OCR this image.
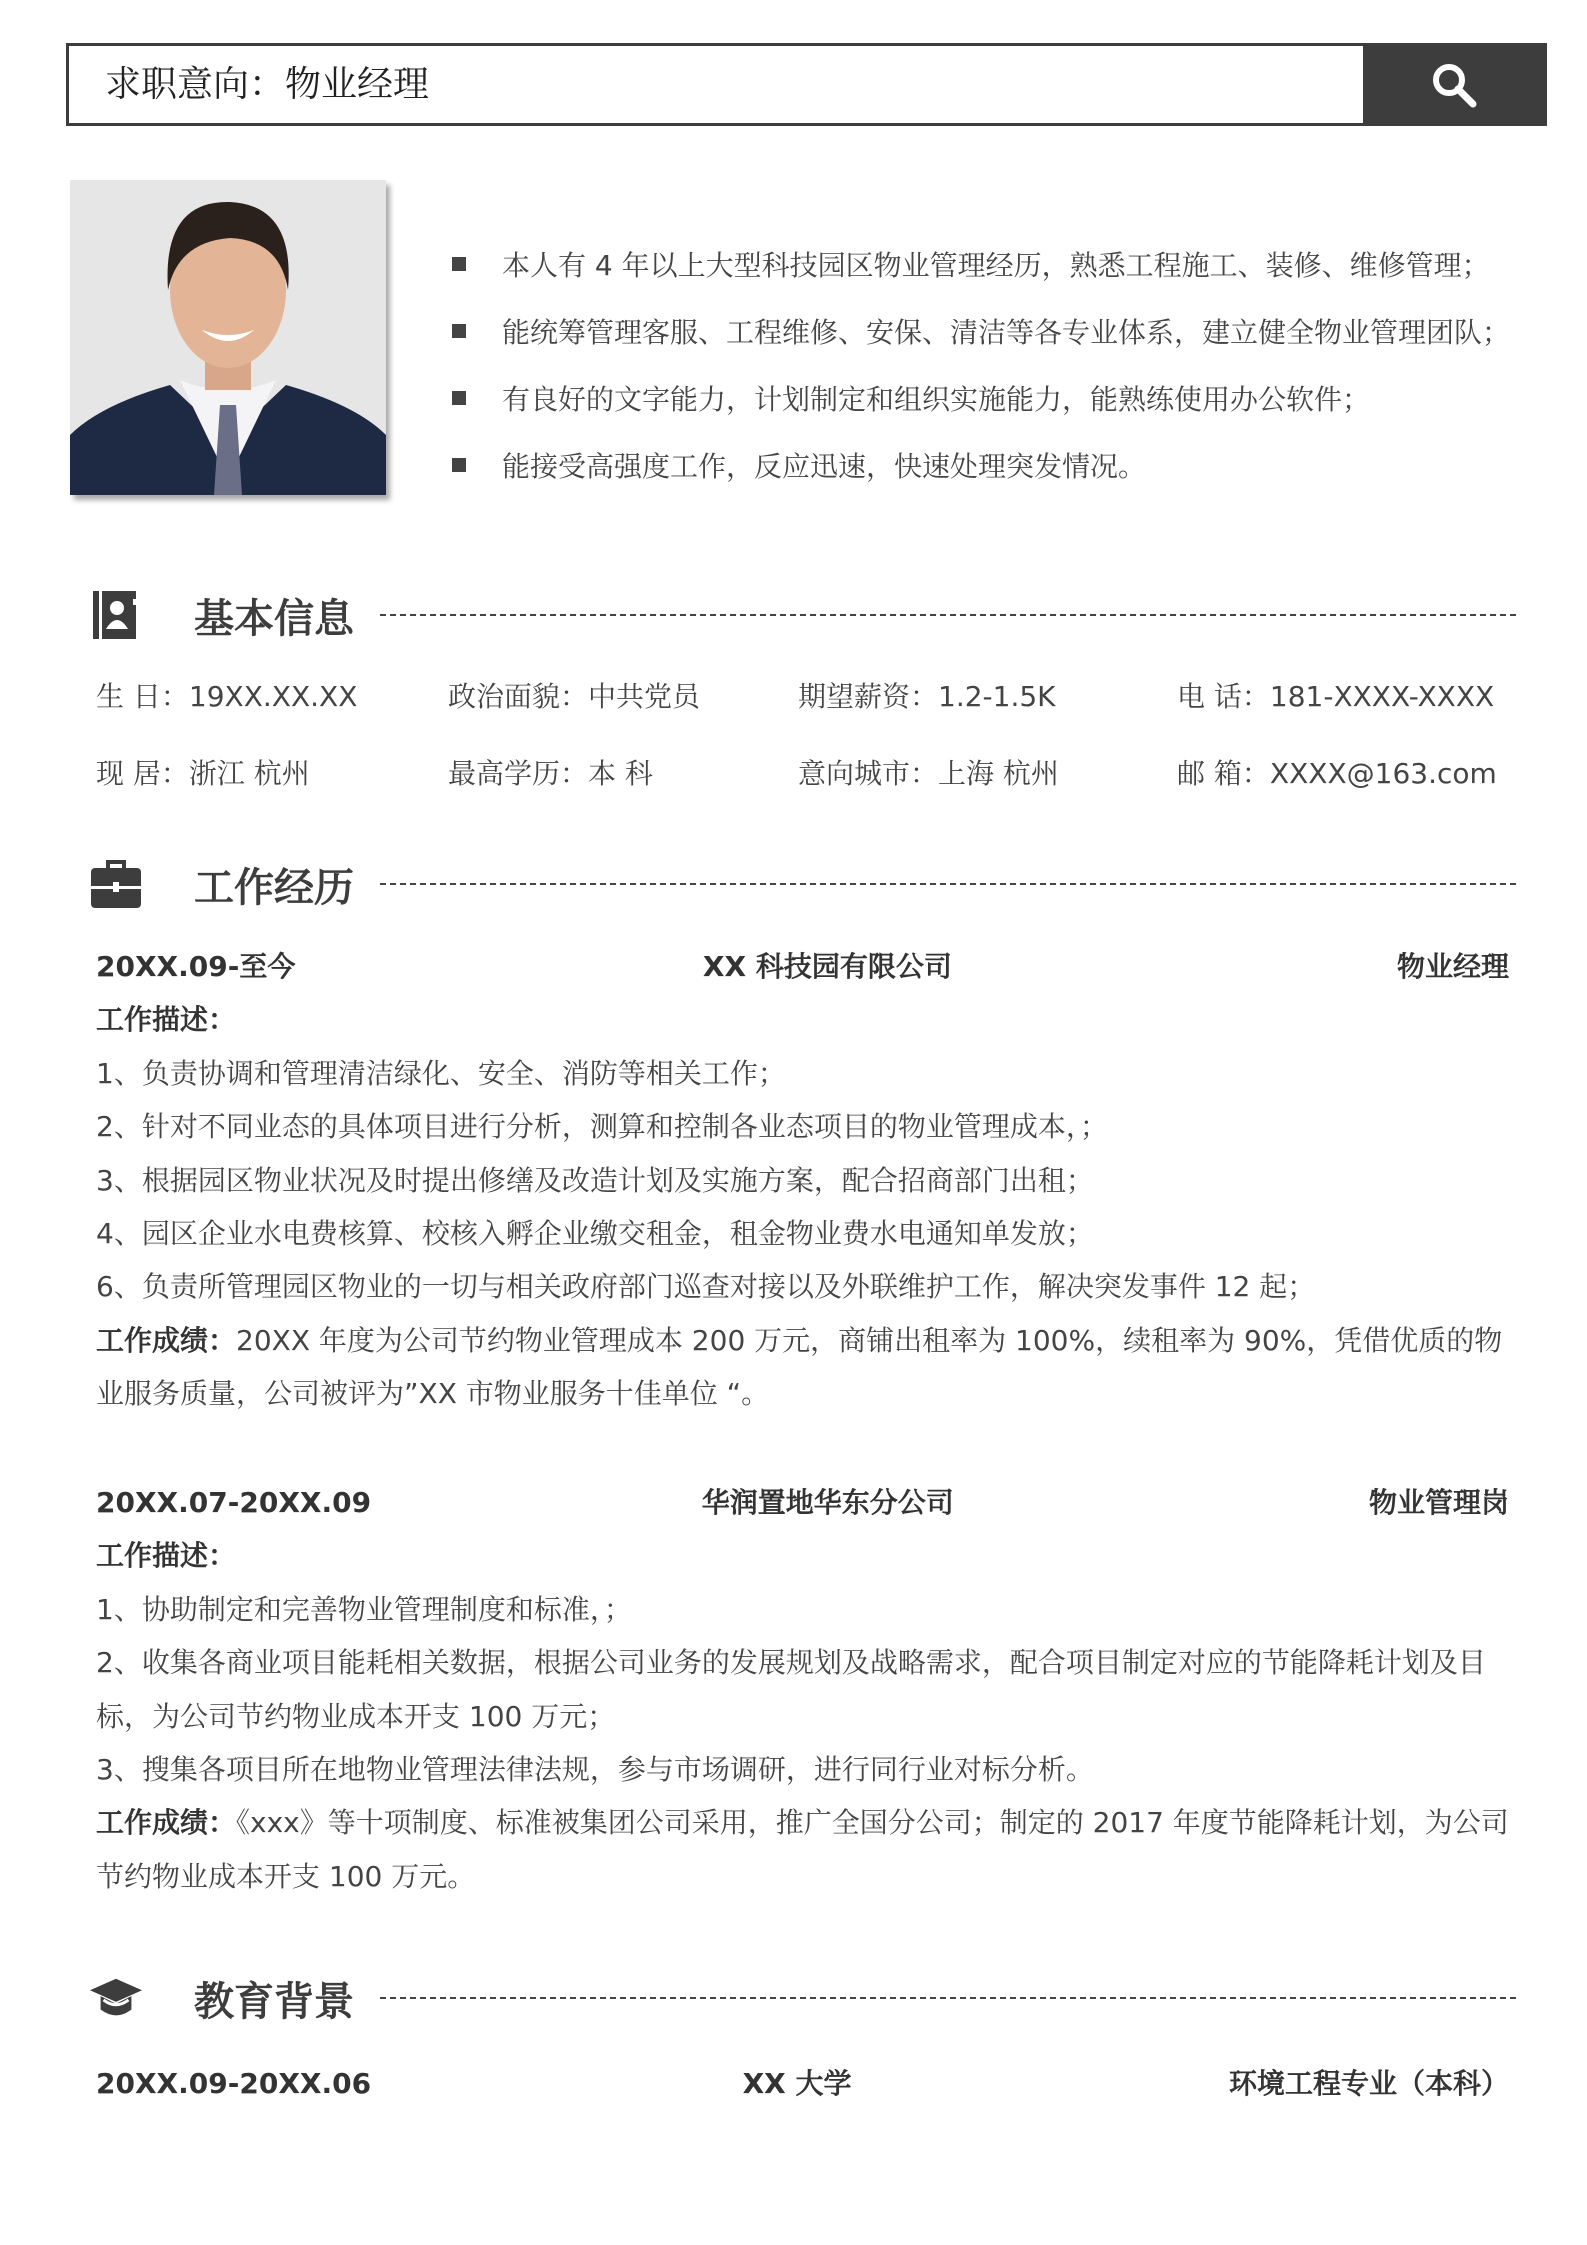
求职意向：物业经理
本人有 4 年以上大型科技园区物业管理经历，熟悉工程施工、装修、维修管理；
能统筹管理客服、工程维修、安保、清洁等各专业体系，建立健全物业管理团队；
有良好的文字能力，计划制定和组织实施能力，能熟练使用办公软件；
能接受高强度工作，反应迅速，快速处理突发情况。
基本信息
生 日：19XX.XX.XX	政治面貌：中共党员	期望薪资：1.2-1.5K	电 话：181-XXXX-XXXX
现 居：浙江 杭州	最高学历：本 科	意向城市：上海 杭州	邮 箱：XXXX@163.com
工作经历
20XX.09-至今	XX 科技园有限公司	物业经理
工作描述：
1、负责协调和管理清洁绿化、安全、消防等相关工作；
2、针对不同业态的具体项目进行分析，测算和控制各业态项目的物业管理成本，；
3、根据园区物业状况及时提出修缮及改造计划及实施方案，配合招商部门出租；
4、园区企业水电费核算、校核入孵企业缴交租金，租金物业费水电通知单发放；
6、负责所管理园区物业的一切与相关政府部门巡查对接以及外联维护工作，解决突发事件 12 起；
工作成绩：20XX 年度为公司节约物业管理成本 200 万元，商铺出租率为 100%，续租率为 90%，凭借优质的物业服务质量，公司被评为”XX 市物业服务十佳单位 “。
20XX.07-20XX.09	华润置地华东分公司	物业管理岗
工作描述：
1、协助制定和完善物业管理制度和标准，；
2、收集各商业项目能耗相关数据，根据公司业务的发展规划及战略需求，配合项目制定对应的节能降耗计划及目标，为公司节约物业成本开支 100 万元；
3、搜集各项目所在地物业管理法律法规，参与市场调研，进行同行业对标分析。
工作成绩：《xxx》等十项制度、标准被集团公司采用，推广全国分公司；制定的 2017 年度节能降耗计划，为公司节约物业成本开支 100 万元。
教育背景
20XX.09-20XX.06	XX 大学	环境工程专业（本科）
